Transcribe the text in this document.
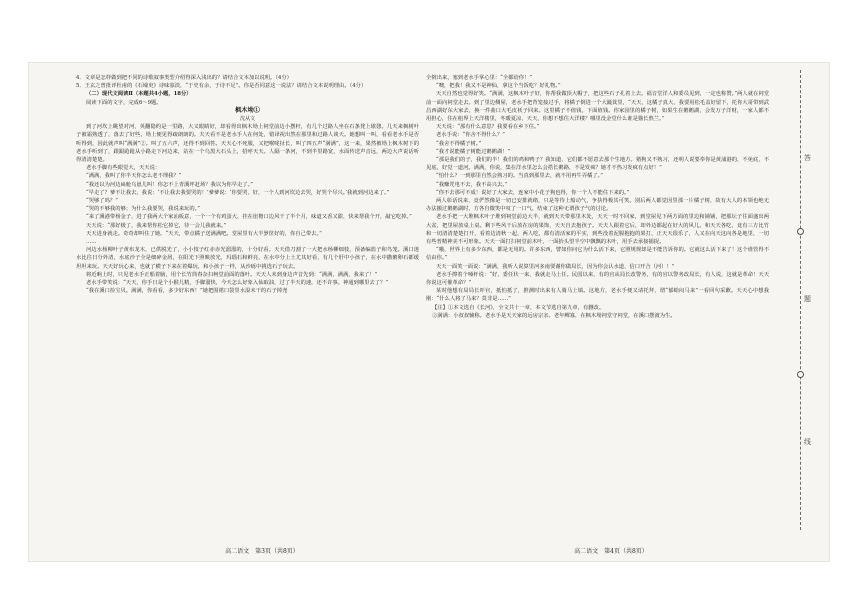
4．文章是怎样做到把不同的诗歌叙事类型介绍得深入浅出的？请结合文本加以说明。（4分）

5．王玄之曾批评杜甫的《石壕吏》诗味寡淡，“于史有余，于诗不足”。你是否同意这一说法？请结合文本说明理由。（4分）

（二）现代文阅读Ⅱ（本题共4小题，18分）

阅读下面的文字，完成6～9题。

枫木坳①

沈从文

到了河坎上眺望对河，英翻隐约是一里路，大义眼睛好，却看得出枫木坳上祠堂前边小摆杆，有几个过路人坐在石条凳上歇憩。几天来枫树叶子被霜熟透了，落去了好些，坳上便见得疏朗朗的。夫天看不是老水手人在何处，错译祝出然在那里和过路人谈天。她想叫一叫，看看老水手是否听得到，因此就声叫“满满”②。叫了五六声，还得不到回答。天天心不死服，又把喉咙扯长，叫了四五声“满满”，这一来，果然被坳上枫木树下的老水手听到了，跟跟跄跄从小路走下河边来，站在一个乌黑大石头上，招呼天天。人隔一条河，不到半里路宽，水面传送声音远，两边大声说话听得清清楚楚。

老水手脚有些眼觉大，天天说：

“满满，我叫了你半天你怎么老不理我？”

“我还以为河边扁舱乌崽儿叫！你怎不上青溪坪赶场？我以为你早走了。”

“早走了？爹不让我去，我说：‘不让我去我要哭的！’爹爹说：‘你要哭，好，一个人到河坎边去哭，好哭个尽兴。’我就到河边来了。”

“哭够了吗？”

“哭的不够我的够；为什么我要哭，我说来玩的。”

“来了溪港带杨金子，进了我两大个家汕板意，一个一个有鸡蛋大，挂在崖檐口边风干了半个月，味道又香又甜，快来帮我个开，敲它吃掉。”

天天说：“那好极了，我来帮你松它掉它，待一会儿我就来。”

天天进身就走。奇奇却叫住了她。“天天，带点橘子送满满吧。堂屋里有大半箩筐好的，你自己带去。”

……

河边水杨柳叶子黄布龙木，已供脱光了，小小枝子红赤赤光溜溜的，十分好看。天天借刀割了一大把水杨柳细枝，预备编篮子和鸟笼。溪口迷水比往日分外清，水底沙子全是细碎金屑，在阳光下照映放光，玛瑙石和鲜亮，在水中分上土尤其好看，有几个肝中小孩子，在水中撒鹅卵石都缓坦坦来玩。天天好玩心来，也就了横子下来在着爆玩，和小孩子一样，从沙砾中挑选石子玩去。

将近晌上时，只见老水手正船着脑，用个长竹筒舂杂扫柯堂前面的落叶。天天人未到身边声音先到：“满满，满满，我来了！”

老水手带笑说：“天天，你手日是个小猴儿精，手脚溜快，今天怎么好象入仙取油，过了半天的速，还不许事。神通到哪里去了？”

“我在溪口捡宝贝。满满，你看看，多少好东西！”她把围裙口袋里水湿未干的石子掉尧

全倒出来，塞到老水手掌心里：“全都给你！”

“噢，把我！我又不是神仙，拿这个当饭吃？好礼物。”

天天自然也觉得好笑。“满满，这枫木叶子好，你帮我做顶大帽子，把这些石子孔着上去。福音堂洋人和委员见到，一定也称赞。”两人就在祠堂前一面向祠堂走去。到了里边侧屋，老水手把背笼接过手，将橘子倒进一个大簸箕里，“天天，这橘子真大，我要用松毛盖好留下，托你大哥带到武昌西湖好东大家去，换一件曲口大毛皮袄子回来。这里橘子不值钱，下面值钱。你家园里的橘子树，如果生在鹅鹅湖，会发万子洋财，一家人都不用担心，住在租界上天洋楼里，冬暖夏凉，天天，你想不想住大洋楼？哪里没金堂什么谁是猫长熬兰。”

天天说：“那有什么意思？我要看在乡下住。”

老水手说：“你舍不得什么？”

“我舍不得橘子树。”

“我才说能橘子树能过鹅鹅湖！”

“那是我们的子，我们的半！我们的鸡和鸭子？我知道，它们都不愿意去那个生地方。猪狗又不熟习，还明人说要奉你是黄浦港的，不免底，不见底，好觉一道河。满满，你说，集在洋水里怎么会搭长鹅路，不是发疯？她才不热习发疯有点好！”

“怕什么？一到那里自然会熟习的。当真到那里去，就不用再牛弄橘了。”

“我赚咒电不去，我不高兴去。”

“你不去那可不成！说好了大家去，连家中小花子狗也得，你一个人不能住下来的。”

两人彰话说来，竟俨然像是一切已安排就绪，只是等待上船动气，争执得极其可笑。别后两人都觉因里那一片橘子树，故有大人的本领也绝无办法搬过鹅鹅湖时，方各自微笑中叹了一口气，结束了这种无谓孩子气的讨论。

老水手把一大堆枫木叶子堆到祠堂前边大半，就到天天带那里木处，天天一时不回家，到堂屋见下两方面的里边和铺铺，把那坛子往面盛出两大盆，把里屋放桌上桌。剩下些风干后放在房的果饰，天天自去抱孩子。天夫人跟着它后，却外边都起在好大的风儿。和天天各吃，竟有三方比竹和一切清清楚楚打开，看着边清秋一起，两人吃，都有清活家的平实，到些没着泥腥抱抱的果打，正天天很乐了，人又在向天这向各是地里，一切有些普精神美不可形象。天天一面打扫祠堂前木叶，一面抬头望半空中飘飘的木叶，用手去承接捕捉。

“哦，世界上有多少东西，都是无用的。许多东西，譬如你问它为什么活下来，它照规规却是不能告诉你的。它就这么活下来了！这个谁管得不信由你。”

天天一面笑一面说：“满满，我听人说算里河多南要谢你做局长，因为你会认水道，信口开合（河）！”

老水手擦着个嗓杆说：“好，委任状一来，我就走马上任。民国以来，有的官从局长改警务，有的官以警务改局长，有人说，这就是革命！天天你说这可催革命？”

某时他想有局局长吓官，抵怕抵了，推测时出来有人骑马上镇。这地方，老水手便又请托拜，谓“郁蛤闷马来”一看回句采歉。天天心中想我刚：“什么人将了马来？莫非是……”

【注】①本文选自《长河》，全文共十一章，本文节选自第九章，有删改。

②满满：小叔叔辅称。老水手是天天家的远房宗亲。老年鳏寡，在枫木坳祠堂守祠堂，在溪口摆渡为生。

高二语文　第3页（共8页）	高二语文　第4页（共8页）
答
题
线
